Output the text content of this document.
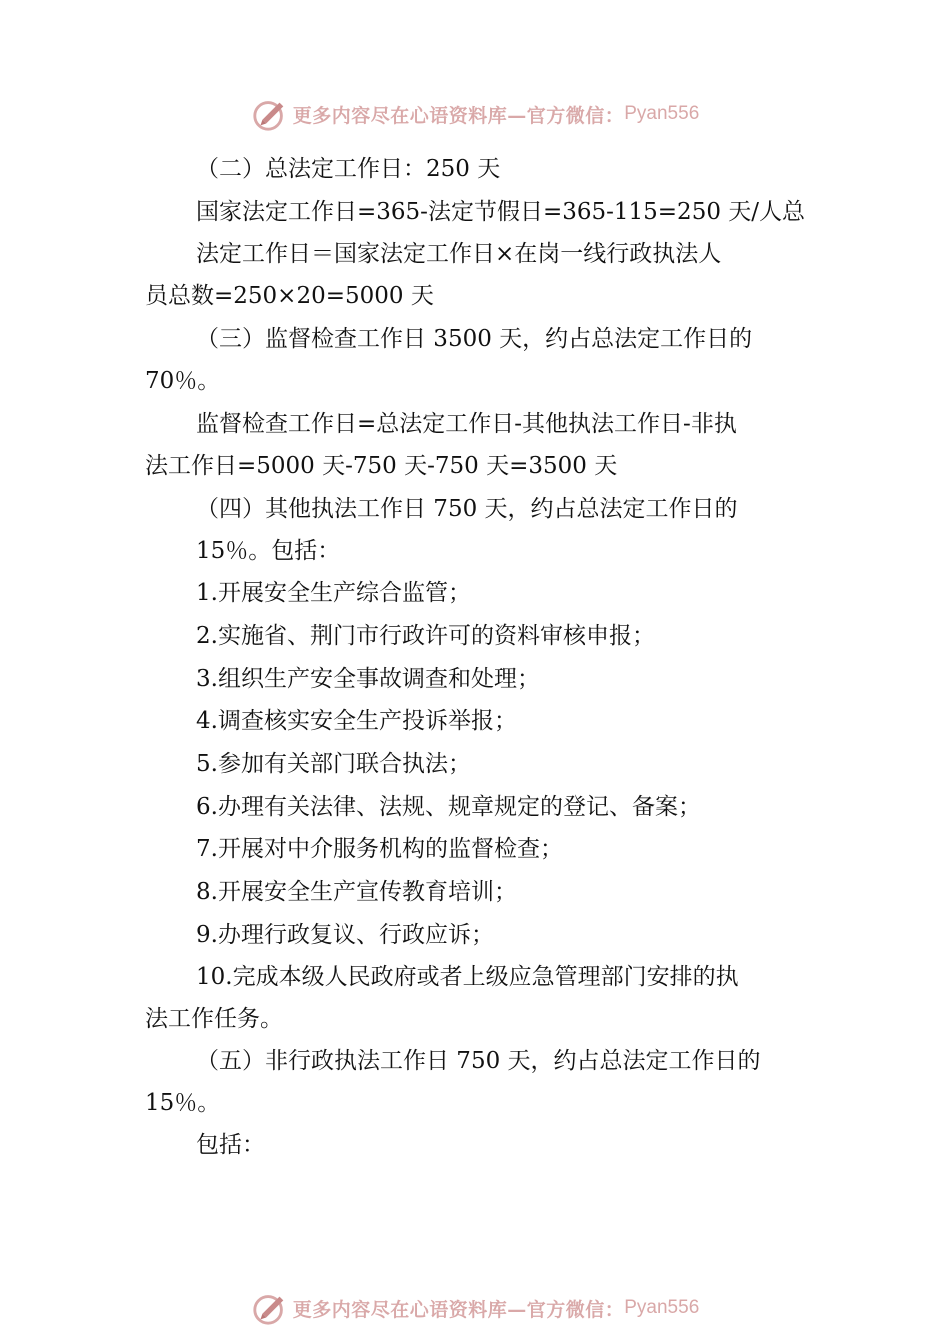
更多内容尽在心语资料库—官方微信： Pyan556
（二）总法定工作日：250 天
国家法定工作日=365-法定节假日=365-115=250 天/人总
法定工作日＝国家法定工作日×在岗一线行政执法人
员总数=250×20=5000 天
（三）监督检查工作日 3500 天，约占总法定工作日的
70％。
监督检查工作日=总法定工作日-其他执法工作日-非执
法工作日=5000 天-750 天-750 天=3500 天
（四）其他执法工作日 750 天，约占总法定工作日的
15％。包括：
1.开展安全生产综合监管；
2.实施省、荆门市行政许可的资料审核申报；
3.组织生产安全事故调查和处理；
4.调查核实安全生产投诉举报；
5.参加有关部门联合执法；
6.办理有关法律、法规、规章规定的登记、备案；
7.开展对中介服务机构的监督检查；
8.开展安全生产宣传教育培训；
9.办理行政复议、行政应诉；
10.完成本级人民政府或者上级应急管理部门安排的执
法工作任务。
（五）非行政执法工作日 750 天，约占总法定工作日的
15％。
包括：
更多内容尽在心语资料库—官方微信： Pyan556
